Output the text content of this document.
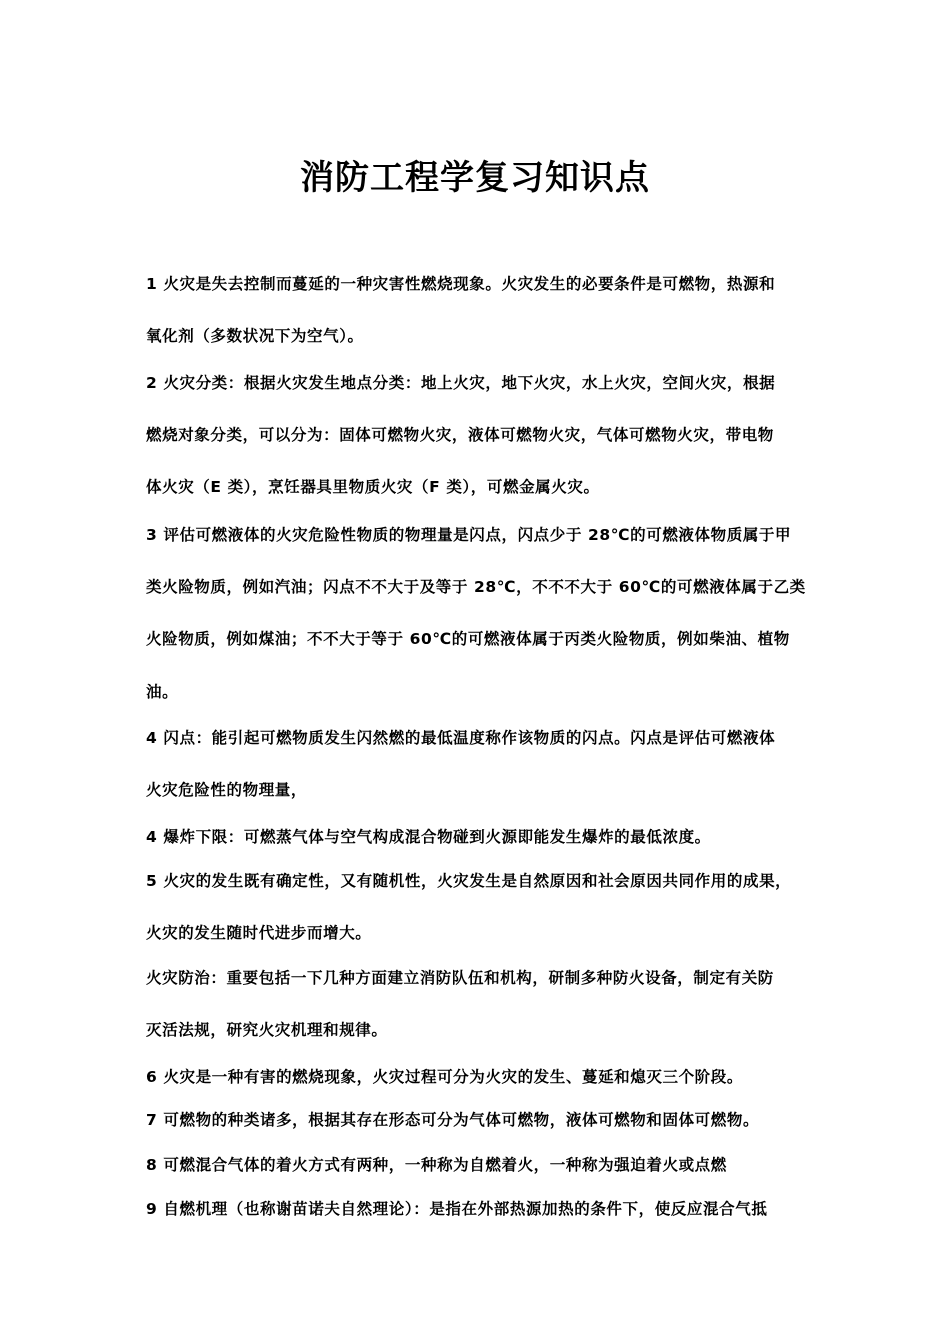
消防工程学复习知识点
1 火灾是失去控制而蔓延的一种灾害性燃烧现象。火灾发生的必要条件是可燃物，热源和
氧化剂（多数状况下为空气）。
2 火灾分类：根据火灾发生地点分类：地上火灾，地下火灾，水上火灾，空间火灾，根据
燃烧对象分类，可以分为：固体可燃物火灾，液体可燃物火灾，气体可燃物火灾，带电物
体火灾（E 类），烹饪器具里物质火灾（F 类），可燃金属火灾。
3 评估可燃液体的火灾危险性物质的物理量是闪点，闪点少于 28℃的可燃液体物质属于甲
类火险物质，例如汽油；闪点不不大于及等于 28℃，不不不大于 60℃的可燃液体属于乙类
火险物质，例如煤油；不不大于等于 60℃的可燃液体属于丙类火险物质，例如柴油、植物
油。
4 闪点：能引起可燃物质发生闪然燃的最低温度称作该物质的闪点。闪点是评估可燃液体
火灾危险性的物理量，
4 爆炸下限：可燃蒸气体与空气构成混合物碰到火源即能发生爆炸的最低浓度。
5 火灾的发生既有确定性，又有随机性，火灾发生是自然原因和社会原因共同作用的成果，
火灾的发生随时代进步而增大。
火灾防治：重要包括一下几种方面建立消防队伍和机构，研制多种防火设备，制定有关防
灭活法规，研究火灾机理和规律。
6 火灾是一种有害的燃烧现象，火灾过程可分为火灾的发生、蔓延和熄灭三个阶段。
7 可燃物的种类诸多，根据其存在形态可分为气体可燃物，液体可燃物和固体可燃物。
8 可燃混合气体的着火方式有两种，一种称为自燃着火，一种称为强迫着火或点燃
9 自燃机理（也称谢苗诺夫自然理论）：是指在外部热源加热的条件下，使反应混合气抵
